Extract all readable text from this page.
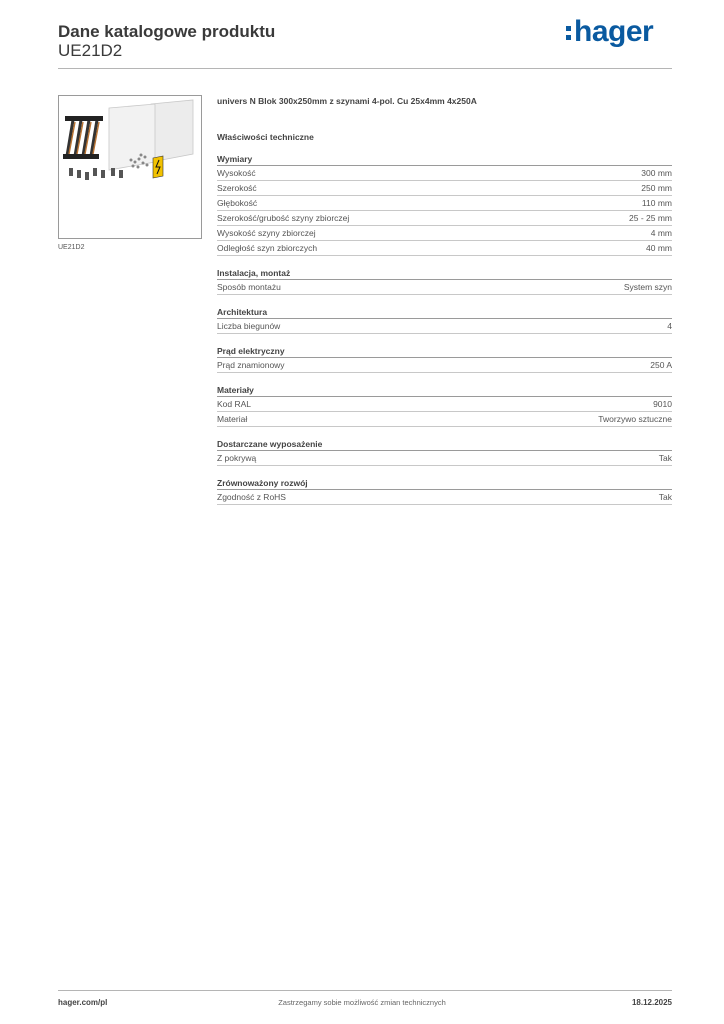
Dane katalogowe produktu
UE21D2
hager
UE21D2
univers N Blok 300x250mm z szynami 4-pol. Cu 25x4mm 4x250A
Właściwości techniczne
Wymiary
Wysokość	300 mm
Szerokość	250 mm
Głębokość	110 mm
Szerokość/grubość szyny zbiorczej	25 - 25 mm
Wysokość szyny zbiorczej	4 mm
Odległość szyn zbiorczych	40 mm
Instalacja, montaż
Sposób montażu	System szyn
Architektura
Liczba biegunów	4
Prąd elektryczny
Prąd znamionowy	250 A
Materiały
Kod RAL	9010
Materiał	Tworzywo sztuczne
Dostarczane wyposażenie
Z pokrywą	Tak
Zrównoważony rozwój
Zgodność z RoHS	Tak
hager.com/pl	Zastrzegamy sobie możliwość zmian technicznych	18.12.2025
